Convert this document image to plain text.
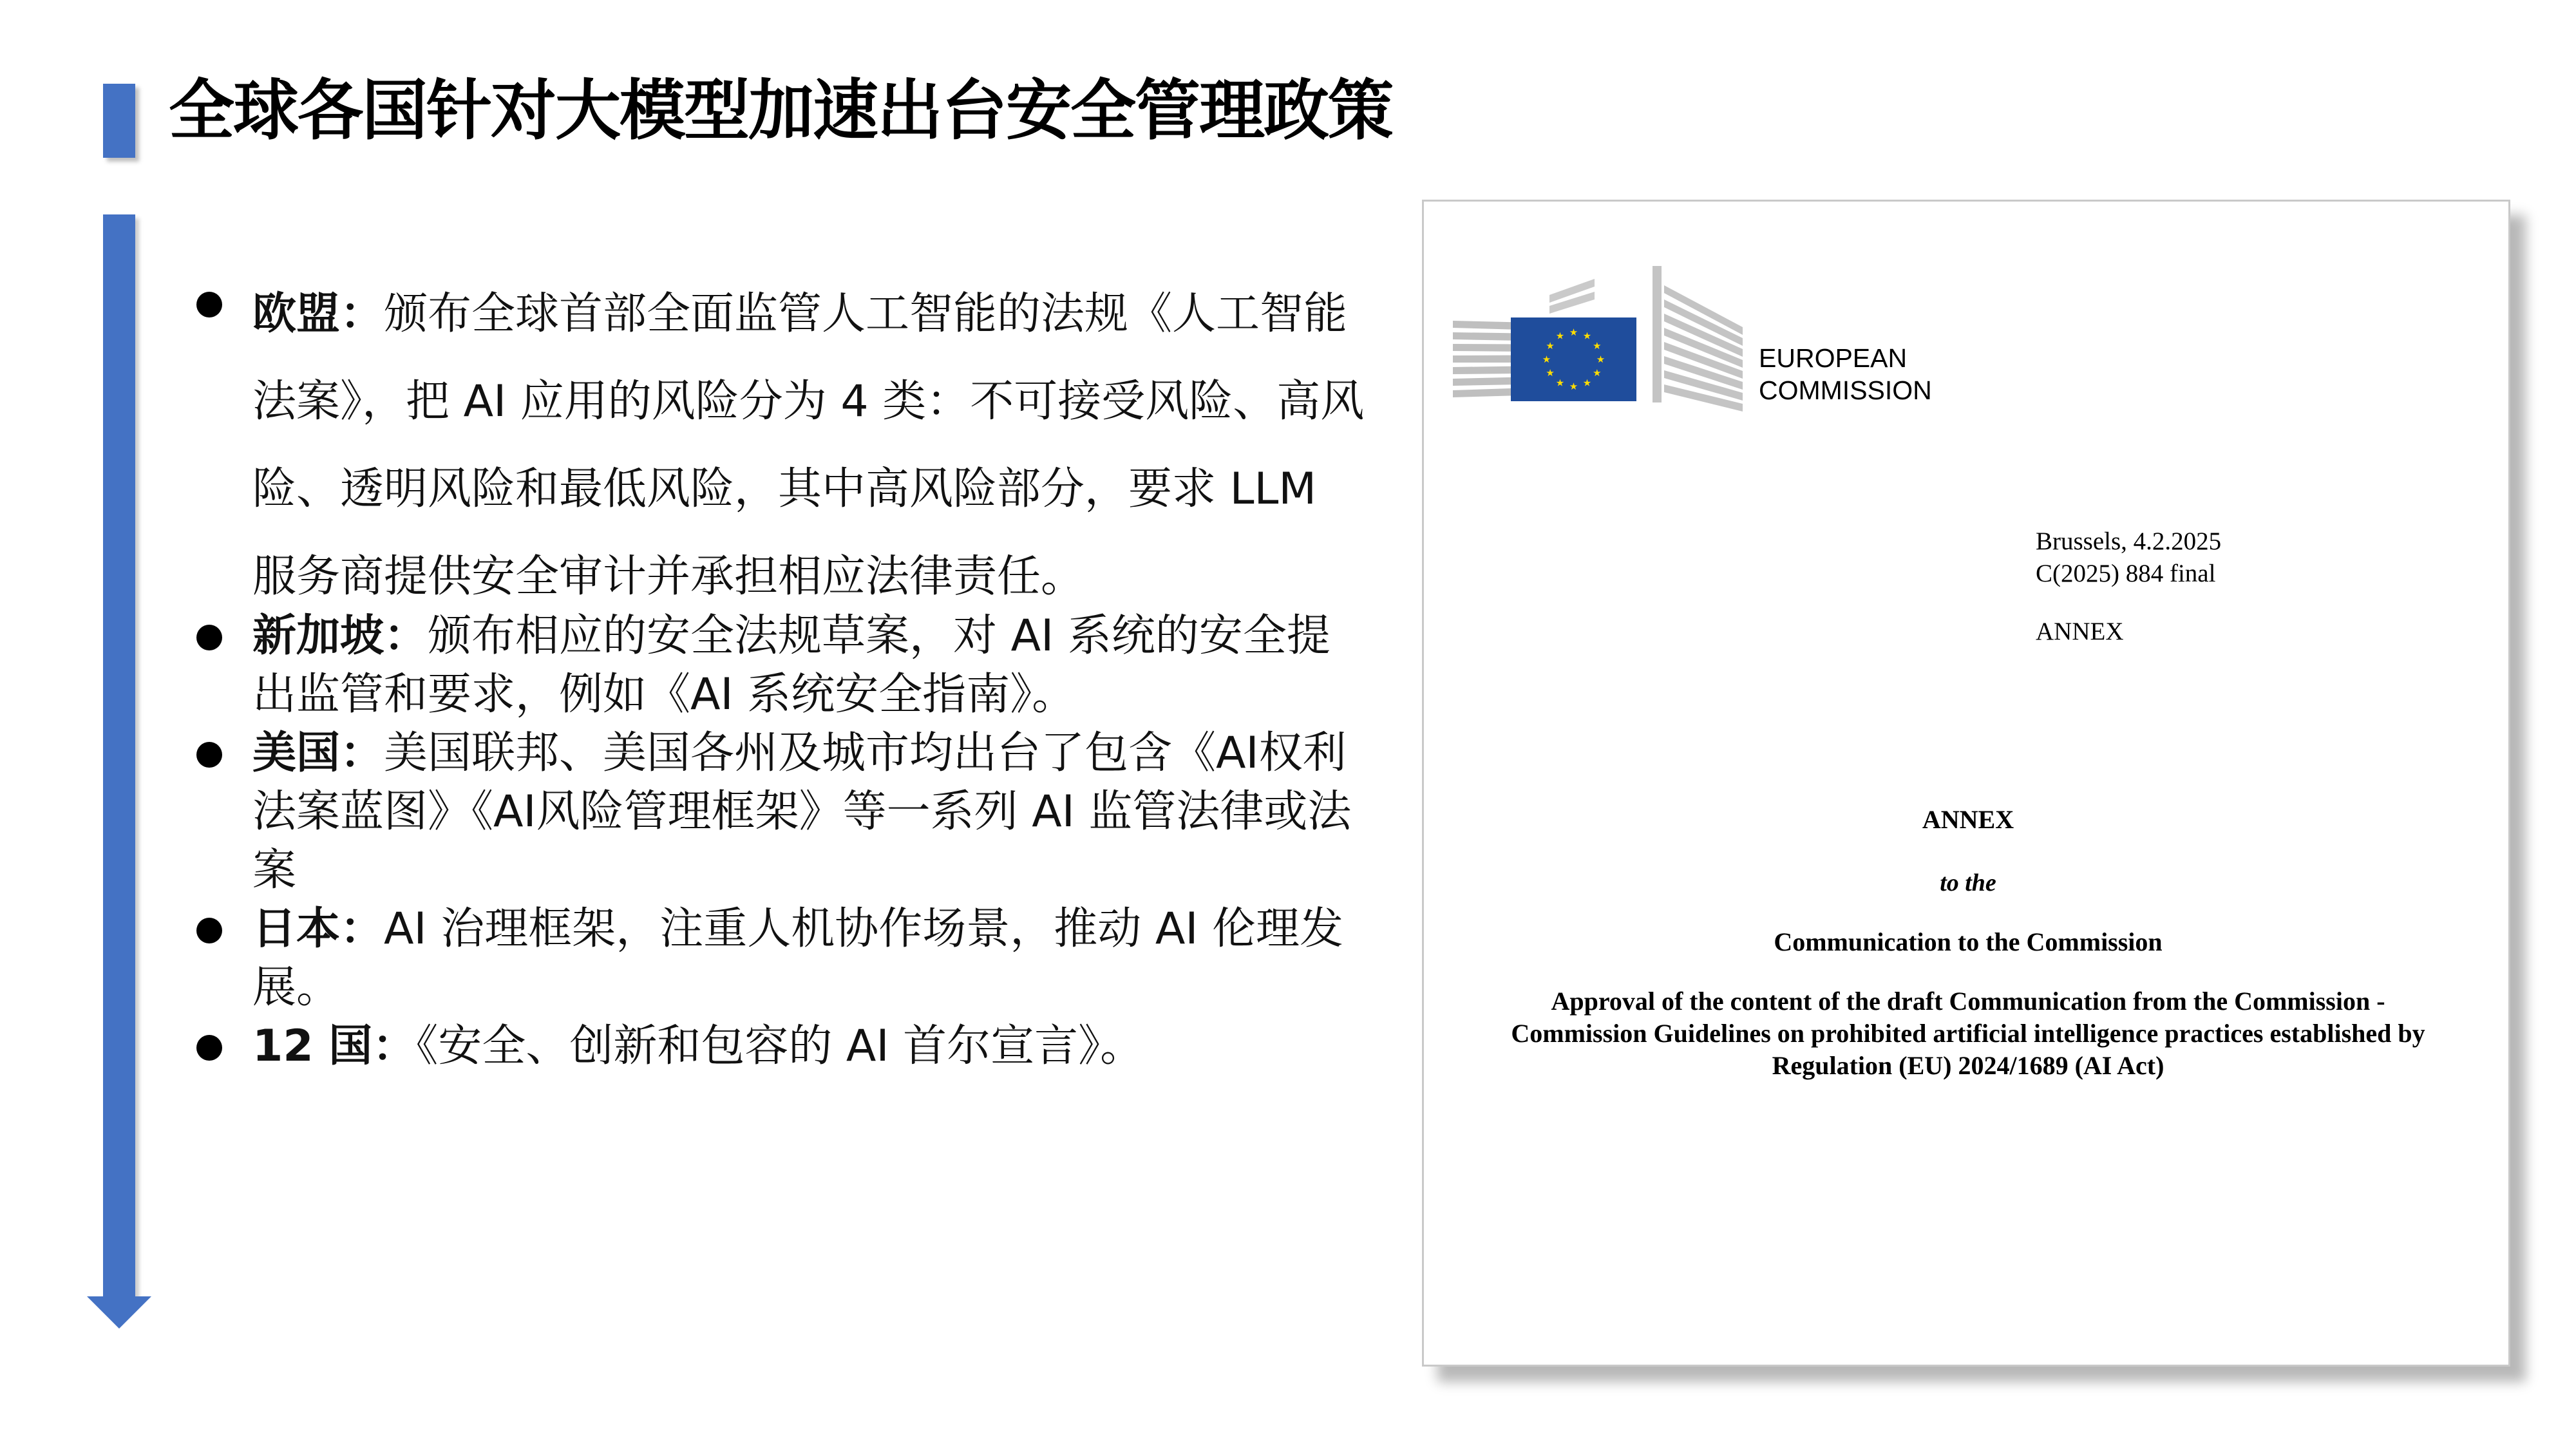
全球各国针对大模型加速出台安全管理政策
欧盟：颁布全球首部全面监管人工智能的法规《人工智能法案》，把 AI 应用的风险分为 4 类：不可接受风险、高风险、透明风险和最低风险，其中高风险部分，要求 LLM 服务商提供安全审计并承担相应法律责任。
新加坡：颁布相应的安全法规草案，对 AI 系统的安全提出监管和要求，例如《AI 系统安全指南》。
美国：美国联邦、美国各州及城市均出台了包含《AI权利法案蓝图》《AI风险管理框架》等一系列 AI 监管法律或法案
日本：AI 治理框架，注重人机协作场景，推动 AI 伦理发展。
12 国：《安全、创新和包容的 AI 首尔宣言》。
★ ★
★
★
★
★
★
★
★
★
★
★
EUROPEAN
COMMISSION
Brussels, 4.2.2025
C(2025) 884 final
ANNEX
ANNEX
to the
Communication to the Commission
Approval of the content of the draft Communication from the Commission -
Commission Guidelines on prohibited artificial intelligence practices established by
Regulation (EU) 2024/1689 (AI Act)
